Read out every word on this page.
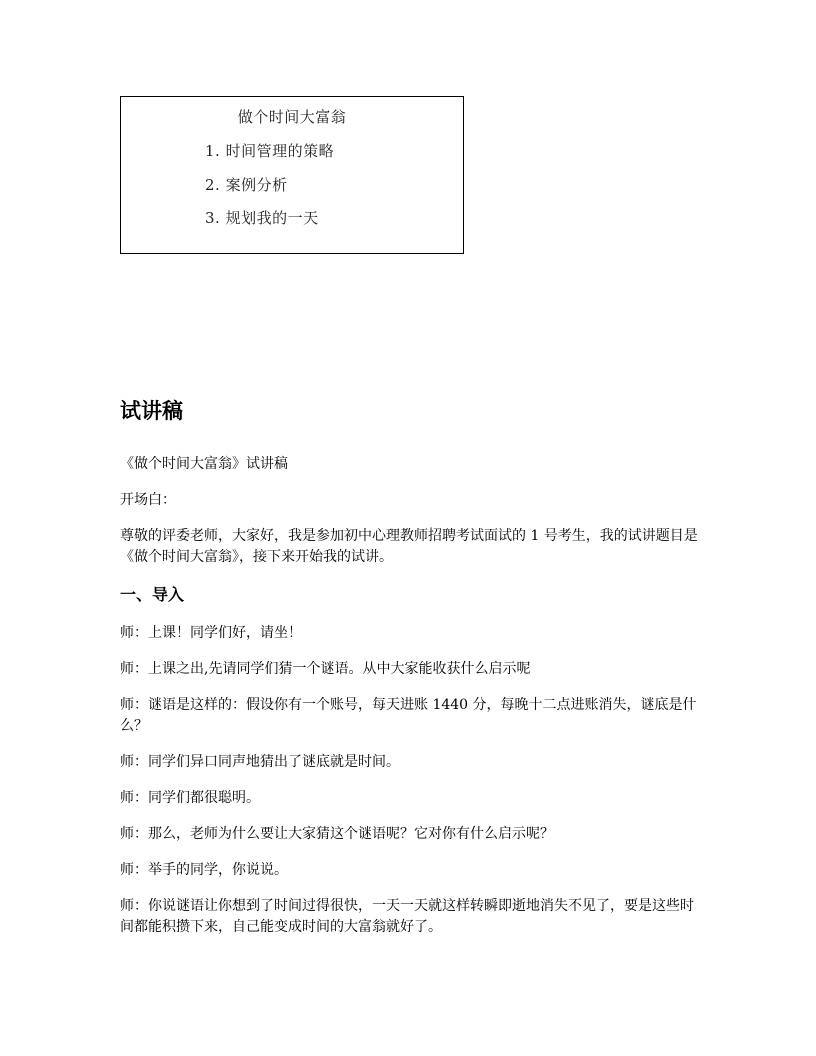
做个时间大富翁
1. 时间管理的策略
2. 案例分析
3. 规划我的一天
试讲稿
《做个时间大富翁》试讲稿
开场白：
尊敬的评委老师，大家好，我是参加初中心理教师招聘考试面试的 1 号考生，我的试讲题目是《做个时间大富翁》，接下来开始我的试讲。
一、导入
师：上课！同学们好，请坐！
师：上课之出,先请同学们猜一个谜语。从中大家能收获什么启示呢
师：谜语是这样的：假设你有一个账号，每天进账 1440 分，每晚十二点进账消失，谜底是什么？
师：同学们异口同声地猜出了谜底就是时间。
师：同学们都很聪明。
师：那么，老师为什么要让大家猜这个谜语呢？它对你有什么启示呢？
师：举手的同学，你说说。
师：你说谜语让你想到了时间过得很快，一天一天就这样转瞬即逝地消失不见了，要是这些时间都能积攒下来，自己能变成时间的大富翁就好了。
